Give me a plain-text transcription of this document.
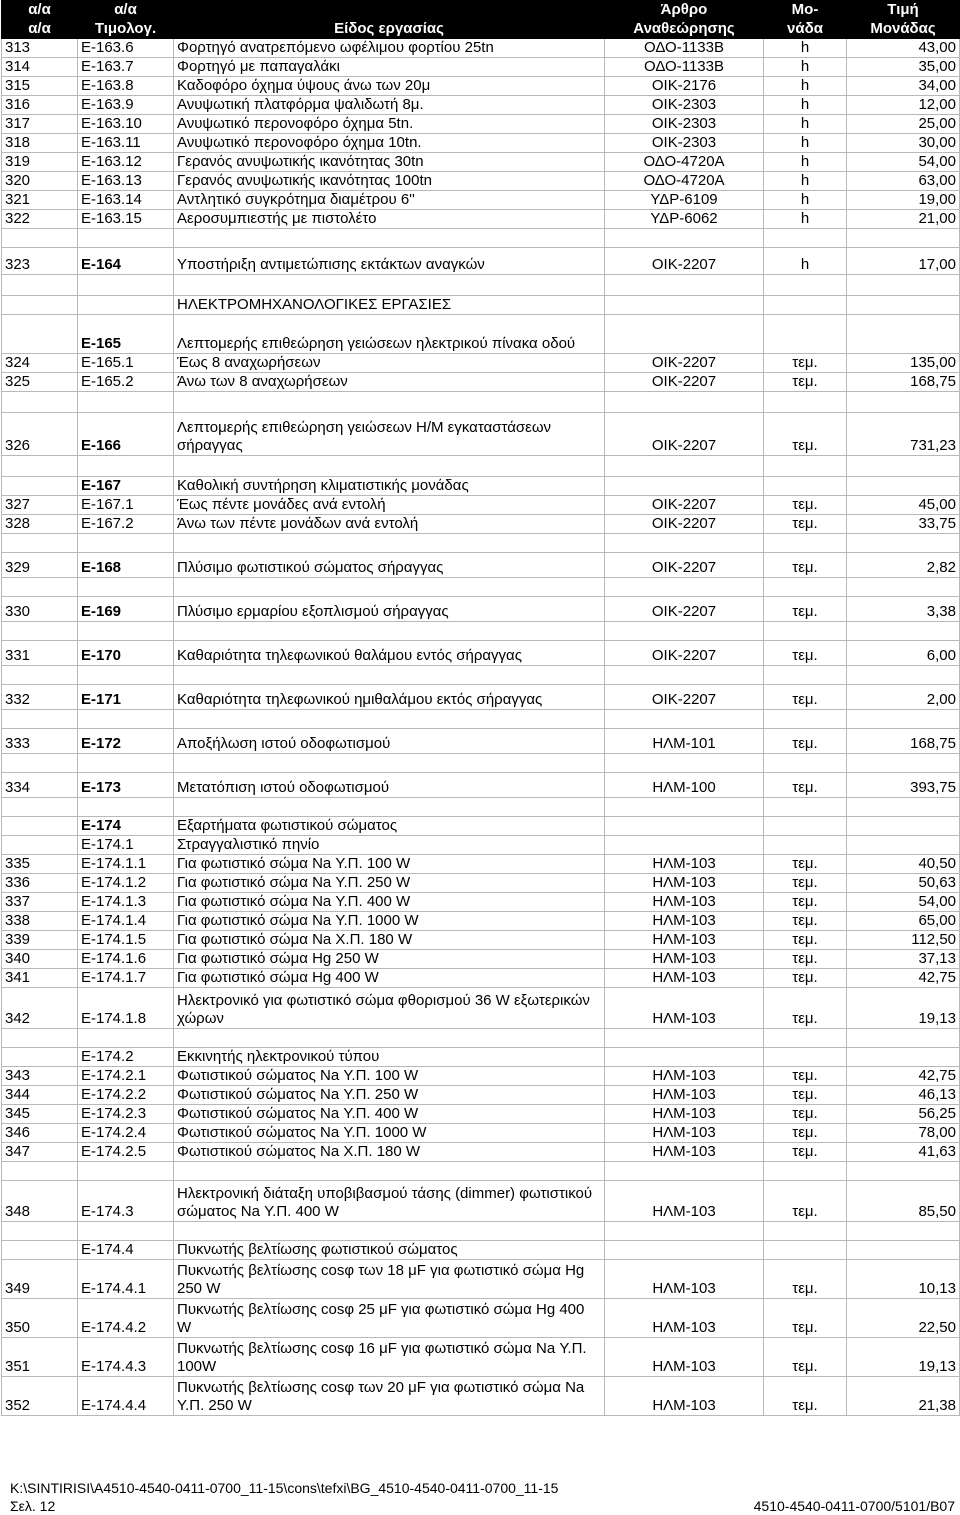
α/α	α/α		Άρθρο	Μο-	Τιμή
α/α	Τιμολογ.	Είδος εργασίας	Αναθεώρησης	νάδα	Μονάδας
313	Ε-163.6	Φορτηγό ανατρεπόμενο ωφέλιμου φορτίου 25tn	ΟΔΟ-1133Β	h	43,00
314	Ε-163.7	Φορτηγό με παπαγαλάκι	ΟΔΟ-1133Β	h	35,00
315	Ε-163.8	Καδοφόρο όχημα ύψους άνω των 20μ	ΟΙΚ-2176	h	34,00
316	Ε-163.9	Ανυψωτική πλατφόρμα ψαλιδωτή 8μ.	ΟΙΚ-2303	h	12,00
317	Ε-163.10	Ανυψωτικό περονοφόρο όχημα 5tn.	ΟΙΚ-2303	h	25,00
318	Ε-163.11	Ανυψωτικό περονοφόρο όχημα 10tn.	ΟΙΚ-2303	h	30,00
319	Ε-163.12	Γερανός ανυψωτικής ικανότητας 30tn	ΟΔΟ-4720Α	h	54,00
320	Ε-163.13	Γερανός ανυψωτικής ικανότητας 100tn	ΟΔΟ-4720Α	h	63,00
321	Ε-163.14	Αντλητικό συγκρότημα διαμέτρου 6''	ΥΔΡ-6109	h	19,00
322	Ε-163.15	Αεροσυμπιεστής με πιστολέτο	ΥΔΡ-6062	h	21,00

323	Ε-164	Υποστήριξη αντιμετώπισης εκτάκτων αναγκών	ΟΙΚ-2207	h	17,00

		ΗΛΕΚΤΡΟΜΗΧΑΝΟΛΟΓΙΚΕΣ ΕΡΓΑΣΙΕΣ			
	Ε-165	Λεπτομερής επιθεώρηση γειώσεων ηλεκτρικού πίνακα οδού			
324	Ε-165.1	Έως 8 αναχωρήσεων	ΟΙΚ-2207	τεμ.	135,00
325	Ε-165.2	Άνω των 8 αναχωρήσεων	ΟΙΚ-2207	τεμ.	168,75

326	Ε-166	Λεπτομερής επιθεώρηση γειώσεων Η/Μ εγκαταστάσεων σήραγγας	ΟΙΚ-2207	τεμ.	731,23

	Ε-167	Καθολική συντήρηση κλιματιστικής μονάδας			
327	Ε-167.1	Έως πέντε μονάδες ανά εντολή	ΟΙΚ-2207	τεμ.	45,00
328	Ε-167.2	Άνω των πέντε μονάδων ανά εντολή	ΟΙΚ-2207	τεμ.	33,75

329	Ε-168	Πλύσιμο φωτιστικού σώματος σήραγγας	ΟΙΚ-2207	τεμ.	2,82

330	Ε-169	Πλύσιμο ερμαρίου εξοπλισμού σήραγγας	ΟΙΚ-2207	τεμ.	3,38

331	Ε-170	Καθαριότητα τηλεφωνικού θαλάμου εντός σήραγγας	ΟΙΚ-2207	τεμ.	6,00

332	Ε-171	Καθαριότητα τηλεφωνικού ημιθαλάμου εκτός σήραγγας	ΟΙΚ-2207	τεμ.	2,00

333	Ε-172	Αποξήλωση ιστού οδοφωτισμού	ΗΛΜ-101	τεμ.	168,75

334	Ε-173	Μετατόπιση ιστού οδοφωτισμού	ΗΛΜ-100	τεμ.	393,75

	Ε-174	Εξαρτήματα φωτιστικού σώματος			
	Ε-174.1	Στραγγαλιστικό πηνίο			
335	Ε-174.1.1	Για φωτιστικό σώμα Na Υ.Π. 100 W	ΗΛΜ-103	τεμ.	40,50
336	Ε-174.1.2	Για φωτιστικό σώμα Na Υ.Π. 250 W	ΗΛΜ-103	τεμ.	50,63
337	Ε-174.1.3	Για φωτιστικό σώμα Na Υ.Π. 400 W	ΗΛΜ-103	τεμ.	54,00
338	Ε-174.1.4	Για φωτιστικό σώμα Na Υ.Π. 1000 W	ΗΛΜ-103	τεμ.	65,00
339	Ε-174.1.5	Για φωτιστικό σώμα Na Χ.Π. 180 W	ΗΛΜ-103	τεμ.	112,50
340	Ε-174.1.6	Για φωτιστικό σώμα Hg 250 W	ΗΛΜ-103	τεμ.	37,13
341	Ε-174.1.7	Για φωτιστικό σώμα Hg 400 W	ΗΛΜ-103	τεμ.	42,75
342	Ε-174.1.8	Ηλεκτρονικό για φωτιστικό σώμα φθορισμού 36 W εξωτερικών χώρων	ΗΛΜ-103	τεμ.	19,13

	Ε-174.2	Εκκινητής ηλεκτρονικού τύπου			
343	Ε-174.2.1	Φωτιστικού σώματος Na Υ.Π. 100 W	ΗΛΜ-103	τεμ.	42,75
344	Ε-174.2.2	Φωτιστικού σώματος Na Υ.Π. 250 W	ΗΛΜ-103	τεμ.	46,13
345	Ε-174.2.3	Φωτιστικού σώματος Na Υ.Π. 400 W	ΗΛΜ-103	τεμ.	56,25
346	Ε-174.2.4	Φωτιστικού σώματος Na Υ.Π. 1000 W	ΗΛΜ-103	τεμ.	78,00
347	Ε-174.2.5	Φωτιστικού σώματος Na Χ.Π. 180 W	ΗΛΜ-103	τεμ.	41,63

348	Ε-174.3	Ηλεκτρονική διάταξη υποβιβασμού τάσης (dimmer) φωτιστικού σώματος Na Υ.Π. 400 W	ΗΛΜ-103	τεμ.	85,50

	Ε-174.4	Πυκνωτής βελτίωσης φωτιστικού σώματος			
349	Ε-174.4.1	Πυκνωτής βελτίωσης cosφ των 18 μF για φωτιστικό σώμα Hg 250 W	ΗΛΜ-103	τεμ.	10,13
350	Ε-174.4.2	Πυκνωτής βελτίωσης cosφ 25 μF για φωτιστικό σώμα Hg 400 W	ΗΛΜ-103	τεμ.	22,50
351	Ε-174.4.3	Πυκνωτής βελτίωσης cosφ 16 μF για φωτιστικό σώμα Na Υ.Π. 100W	ΗΛΜ-103	τεμ.	19,13
352	Ε-174.4.4	Πυκνωτής βελτίωσης cosφ των 20 μF για φωτιστικό σώμα Na Υ.Π. 250 W	ΗΛΜ-103	τεμ.	21,38
K:\SINTIRISI\A4510-4540-0411-0700_11-15\cons\tefxi\BG_4510-4540-0411-0700_11-15
Σελ. 12	4510-4540-0411-0700/5101/B07
